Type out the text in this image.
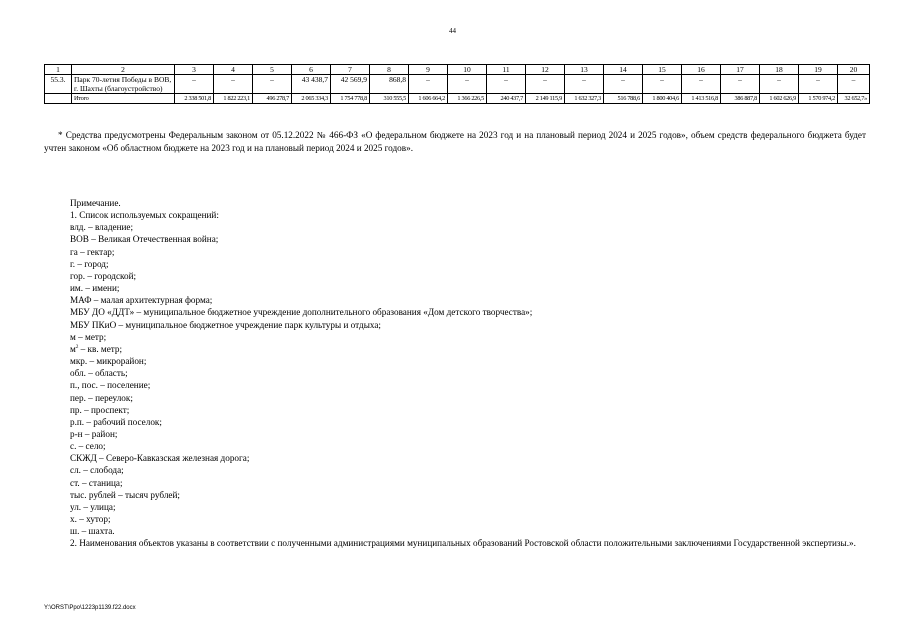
44
1	2	3	4	5	6	7	8	9	10	11	12	13	14	15	16	17	18	19	20
55.3.	Парк 70-летия Победы в ВОВ, г. Шахты (благоустройство)	–	–	–	43 438,7	42 569,9	868,8	–	–	–	–	–	–	–	–	–	–	–	–
	Итого	2 338 501,8	1 822 223,1	496 278,7	2 065 334,3	1 754 778,8	310 555,5	1 606 664,2	1 366 226,5	240 437,7	2 149 115,9	1 632 327,3	516 788,6	1 800 404,6	1 413 516,8	386 887,8	1 602 626,9	1 570 974,2	32 652,7»
* Средства предусмотрены Федеральным законом от 05.12.2022 № 466-ФЗ «О федеральном бюджете на 2023 год и на плановый период 2024 и 2025 годов», объем средств федерального бюджета будет учтен законом «Об областном бюджете на 2023 год и на плановый период 2024 и 2025 годов».

Примечание.

1. Список используемых сокращений:

влд. – владение;

ВОВ – Великая Отечественная война;

га – гектар;

г. – город;

гор. – городской;

им. – имени;

МАФ – малая архитектурная форма;

МБУ ДО «ДДТ» – муниципальное бюджетное учреждение дополнительного образования «Дом детского творчества»;

МБУ ПКиО – муниципальное бюджетное учреждение парк культуры и отдыха;

м – метр;

$м^2$ – кв. метр;

мкр. – микрорайон;

обл. – область;

п., пос. – поселение;

пер. – переулок;

пр. – проспект;

р.п. – рабочий поселок;

р-н – район;

с. – село;

СКЖД – Северо-Кавказская железная дорога;

сл. – слобода;

ст. – станица;

тыс. рублей – тысяч рублей;

ул. – улица;

х. – хутор;

ш. – шахта.

2. Наименования объектов указаны в соответствии с полученными администрациями муниципальных образований Ростовской области положительными заключениями Государственной экспертизы.».

Y:\ORST\Ppo\1223p1139.f22.docx
